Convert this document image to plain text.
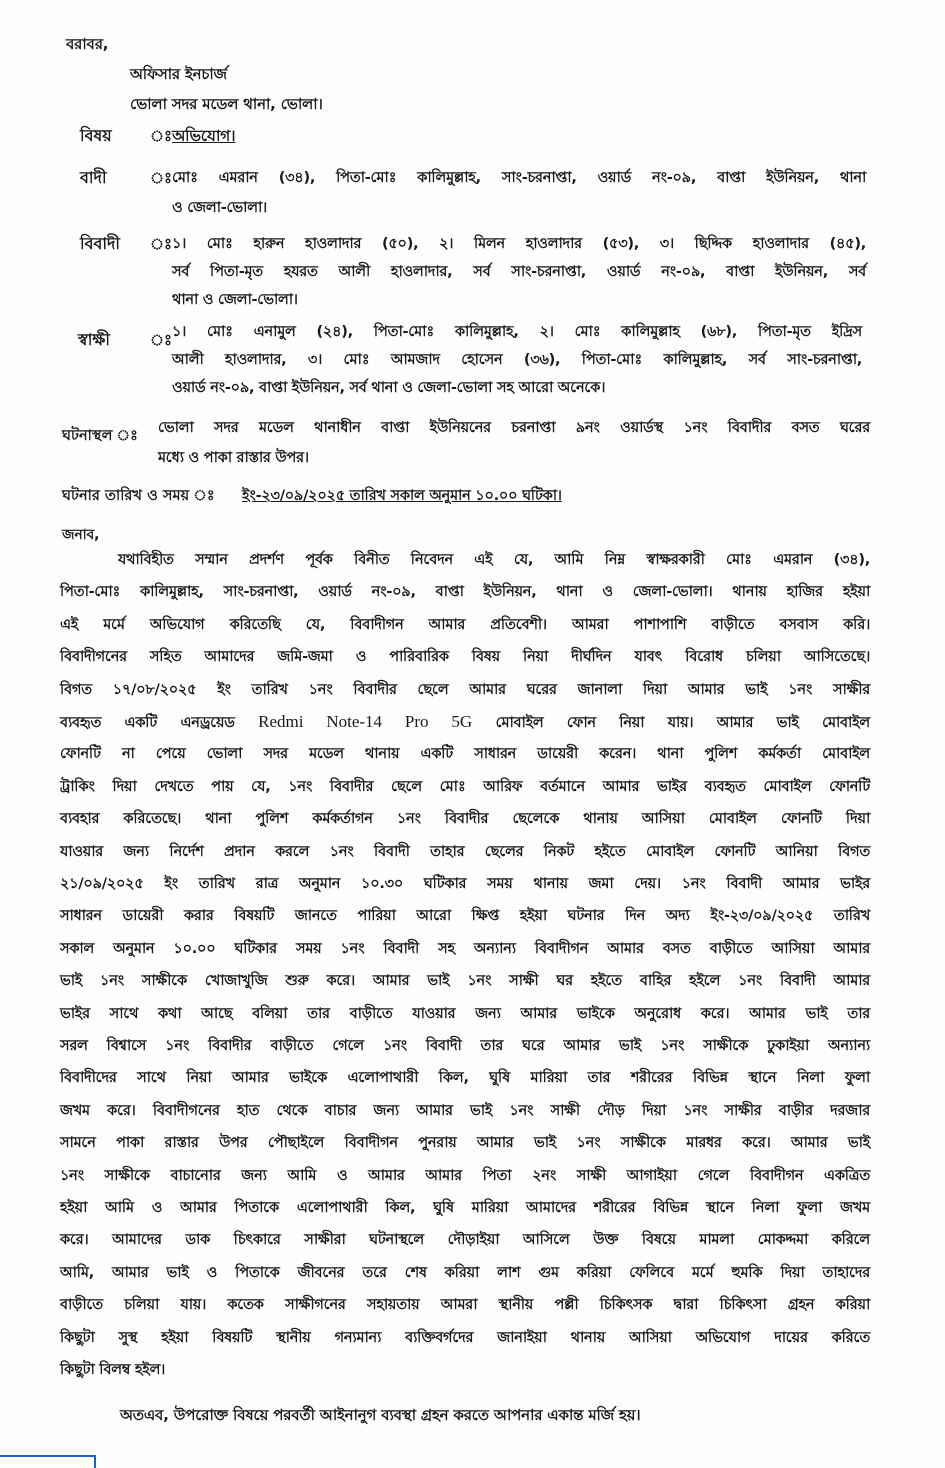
বরাবর,
অফিসার ইনচার্জ
ভোলা সদর মডেল থানা, ভোলা।
বিষয়	ঃ অভিযোগ।
বাদী	ঃ মোঃ এমরান (৩৪), পিতা-মোঃ কালিমুল্লাহ, সাং-চরনাপ্তা, ওয়ার্ড নং-০৯, বাপ্তা ইউনিয়ন, থানা
ও জেলা-ভোলা।
বিবাদী ঃ ১। মোঃ হারুন হাওলাদার (৫০), ২। মিলন হাওলাদার (৫৩), ৩। ছিদ্দিক হাওলাদার (৪৫),
সর্ব পিতা-মৃত হযরত আলী হাওলাদার, সর্ব সাং-চরনাপ্তা, ওয়ার্ড নং-০৯, বাপ্তা ইউনিয়ন, সর্ব
থানা ও জেলা-ভোলা।
স্বাক্ষী	ঃ ১। মোঃ এনামুল (২৪), পিতা-মোঃ কালিমুল্লাহ, ২। মোঃ কালিমুল্লাহ (৬৮), পিতা-মৃত ইদ্রিস
আলী হাওলাদার, ৩। মোঃ আমজাদ হোসেন (৩৬), পিতা-মোঃ কালিমুল্লাহ, সর্ব সাং-চরনাপ্তা,
ওয়ার্ড নং-০৯, বাপ্তা ইউনিয়ন, সর্ব থানা ও জেলা-ভোলা সহ আরো অনেকে।
ঘটনাস্থল ঃ ভোলা সদর মডেল থানাধীন বাপ্তা ইউনিয়নের চরনাপ্তা ৯নং ওয়ার্ডস্থ ১নং বিবাদীর বসত ঘরের
মধ্যে ও পাকা রাস্তার উপর।
ঘটনার তারিখ ও সময় ঃ ইং-২৩/০৯/২০২৫ তারিখ সকাল অনুমান ১০.০০ ঘটিকা।
জনাব,
যথাবিহীত সম্মান প্রদর্শণ পূর্বক বিনীত নিবেদন এই যে, আমি নিম্ন স্বাক্ষরকারী মোঃ এমরান (৩৪),
পিতা-মোঃ কালিমুল্লাহ, সাং-চরনাপ্তা, ওয়ার্ড নং-০৯, বাপ্তা ইউনিয়ন, থানা ও জেলা-ভোলা। থানায় হাজির হইয়া
এই মর্মে অভিযোগ করিতেছি যে, বিবাদীগন আমার প্রতিবেশী। আমরা পাশাপাশি বাড়ীতে বসবাস করি।
বিবাদীগনের সহিত আমাদের জমি-জমা ও পারিবারিক বিষয় নিয়া দীর্ঘদিন যাবৎ বিরোধ চলিয়া আসিতেছে।
বিগত ১৭/০৮/২০২৫ ইং তারিখ ১নং বিবাদীর ছেলে আমার ঘরের জানালা দিয়া আমার ভাই ১নং সাক্ষীর
ব্যবহৃত একটি এনড্রয়েড Redmi Note-14 Pro 5G মোবাইল ফোন নিয়া যায়। আমার ভাই মোবাইল
ফোনটি না পেয়ে ভোলা সদর মডেল থানায় একটি সাধারন ডায়েরী করেন। থানা পুলিশ কর্মকর্তা মোবাইল
ট্রাকিং দিয়া দেখতে পায় যে, ১নং বিবাদীর ছেলে মোঃ আরিফ বর্তমানে আমার ভাইর ব্যবহৃত মোবাইল ফোনটি
ব্যবহার করিতেছে। থানা পুলিশ কর্মকর্তাগন ১নং বিবাদীর ছেলেকে থানায় আসিয়া মোবাইল ফোনটি দিয়া
যাওয়ার জন্য নির্দেশ প্রদান করলে ১নং বিবাদী তাহার ছেলের নিকট হইতে মোবাইল ফোনটি আনিয়া বিগত
২১/০৯/২০২৫ ইং তারিখ রাত্র অনুমান ১০.৩০ ঘটিকার সময় থানায় জমা দেয়। ১নং বিবাদী আমার ভাইর
সাধারন ডায়েরী করার বিষয়টি জানতে পারিয়া আরো ক্ষিপ্ত হইয়া ঘটনার দিন অদ্য ইং-২৩/০৯/২০২৫ তারিখ
সকাল অনুমান ১০.০০ ঘটিকার সময় ১নং বিবাদী সহ অন্যান্য বিবাদীগন আমার বসত বাড়ীতে আসিয়া আমার
ভাই ১নং সাক্ষীকে খোজাখুজি শুরু করে। আমার ভাই ১নং সাক্ষী ঘর হইতে বাহির হইলে ১নং বিবাদী আমার
ভাইর সাথে কথা আছে বলিয়া তার বাড়ীতে যাওয়ার জন্য আমার ভাইকে অনুরোধ করে। আমার ভাই তার
সরল বিশ্বাসে ১নং বিবাদীর বাড়ীতে গেলে ১নং বিবাদী তার ঘরে আমার ভাই ১নং সাক্ষীকে ঢুকাইয়া অন্যান্য
বিবাদীদের সাথে নিয়া আমার ভাইকে এলোপাথারী কিল, ঘুষি মারিয়া তার শরীরের বিভিন্ন স্থানে নিলা ফুলা
জখম করে। বিবাদীগনের হাত থেকে বাচার জন্য আমার ভাই ১নং সাক্ষী দৌড় দিয়া ১নং সাক্ষীর বাড়ীর দরজার
সামনে পাকা রাস্তার উপর পৌছাইলে বিবাদীগন পুনরায় আমার ভাই ১নং সাক্ষীকে মারধর করে। আমার ভাই
১নং সাক্ষীকে বাচানোর জন্য আমি ও আমার আমার পিতা ২নং সাক্ষী আগাইয়া গেলে বিবাদীগন একত্রিত
হইয়া আমি ও আমার পিতাকে এলোপাথারী কিল, ঘুষি মারিয়া আমাদের শরীরের বিভিন্ন স্থানে নিলা ফুলা জখম
করে। আমাদের ডাক চিৎকারে সাক্ষীরা ঘটনাস্থলে দৌড়াইয়া আসিলে উক্ত বিষয়ে মামলা মোকদ্দমা করিলে
আমি, আমার ভাই ও পিতাকে জীবনের তরে শেষ করিয়া লাশ গুম করিয়া ফেলিবে মর্মে হুমকি দিয়া তাহাদের
বাড়ীতে চলিয়া যায়। কতেক সাক্ষীগনের সহায়তায় আমরা স্থানীয় পল্লী চিকিৎসক দ্বারা চিকিৎসা গ্রহন করিয়া
কিছুটা সুস্থ হইয়া বিষয়টি স্থানীয় গন্যমান্য ব্যক্তিবর্গদের জানাইয়া থানায় আসিয়া অভিযোগ দায়ের করিতে
কিছুটা বিলম্ব হইল।
অতএব, উপরোক্ত বিষয়ে পরবর্তী আইনানুগ ব্যবস্থা গ্রহন করতে আপনার একান্ত মর্জি হয়।
